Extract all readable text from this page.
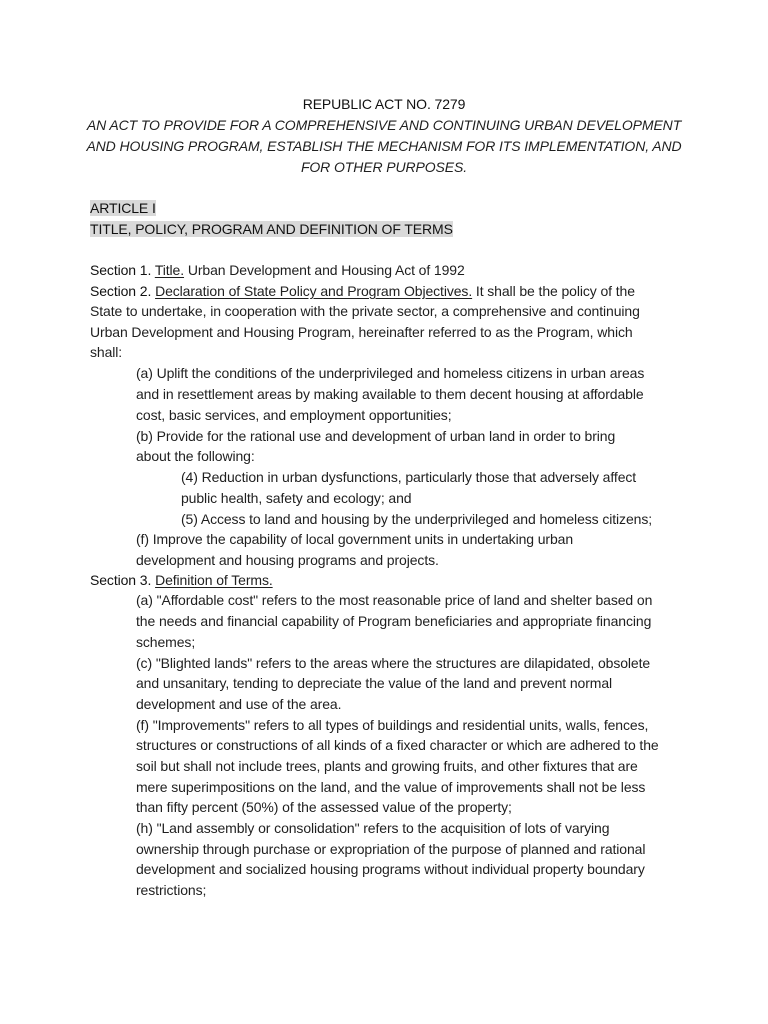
REPUBLIC ACT NO. 7279
AN ACT TO PROVIDE FOR A COMPREHENSIVE AND CONTINUING URBAN DEVELOPMENT
AND HOUSING PROGRAM, ESTABLISH THE MECHANISM FOR ITS IMPLEMENTATION, AND
FOR OTHER PURPOSES.
ARTICLE I
TITLE, POLICY, PROGRAM AND DEFINITION OF TERMS
Section 1. Title. Urban Development and Housing Act of 1992
Section 2. Declaration of State Policy and Program Objectives. It shall be the policy of the
State to undertake, in cooperation with the private sector, a comprehensive and continuing
Urban Development and Housing Program, hereinafter referred to as the Program, which
shall:
(a) Uplift the conditions of the underprivileged and homeless citizens in urban areas
and in resettlement areas by making available to them decent housing at affordable
cost, basic services, and employment opportunities;
(b) Provide for the rational use and development of urban land in order to bring
about the following:
(4) Reduction in urban dysfunctions, particularly those that adversely affect
public health, safety and ecology; and
(5) Access to land and housing by the underprivileged and homeless citizens;
(f) Improve the capability of local government units in undertaking urban
development and housing programs and projects.
Section 3. Definition of Terms.
(a) "Affordable cost" refers to the most reasonable price of land and shelter based on
the needs and financial capability of Program beneficiaries and appropriate financing
schemes;
(c) "Blighted lands" refers to the areas where the structures are dilapidated, obsolete
and unsanitary, tending to depreciate the value of the land and prevent normal
development and use of the area.
(f) "Improvements" refers to all types of buildings and residential units, walls, fences,
structures or constructions of all kinds of a fixed character or which are adhered to the
soil but shall not include trees, plants and growing fruits, and other fixtures that are
mere superimpositions on the land, and the value of improvements shall not be less
than fifty percent (50%) of the assessed value of the property;
(h) "Land assembly or consolidation" refers to the acquisition of lots of varying
ownership through purchase or expropriation of the purpose of planned and rational
development and socialized housing programs without individual property boundary
restrictions;
